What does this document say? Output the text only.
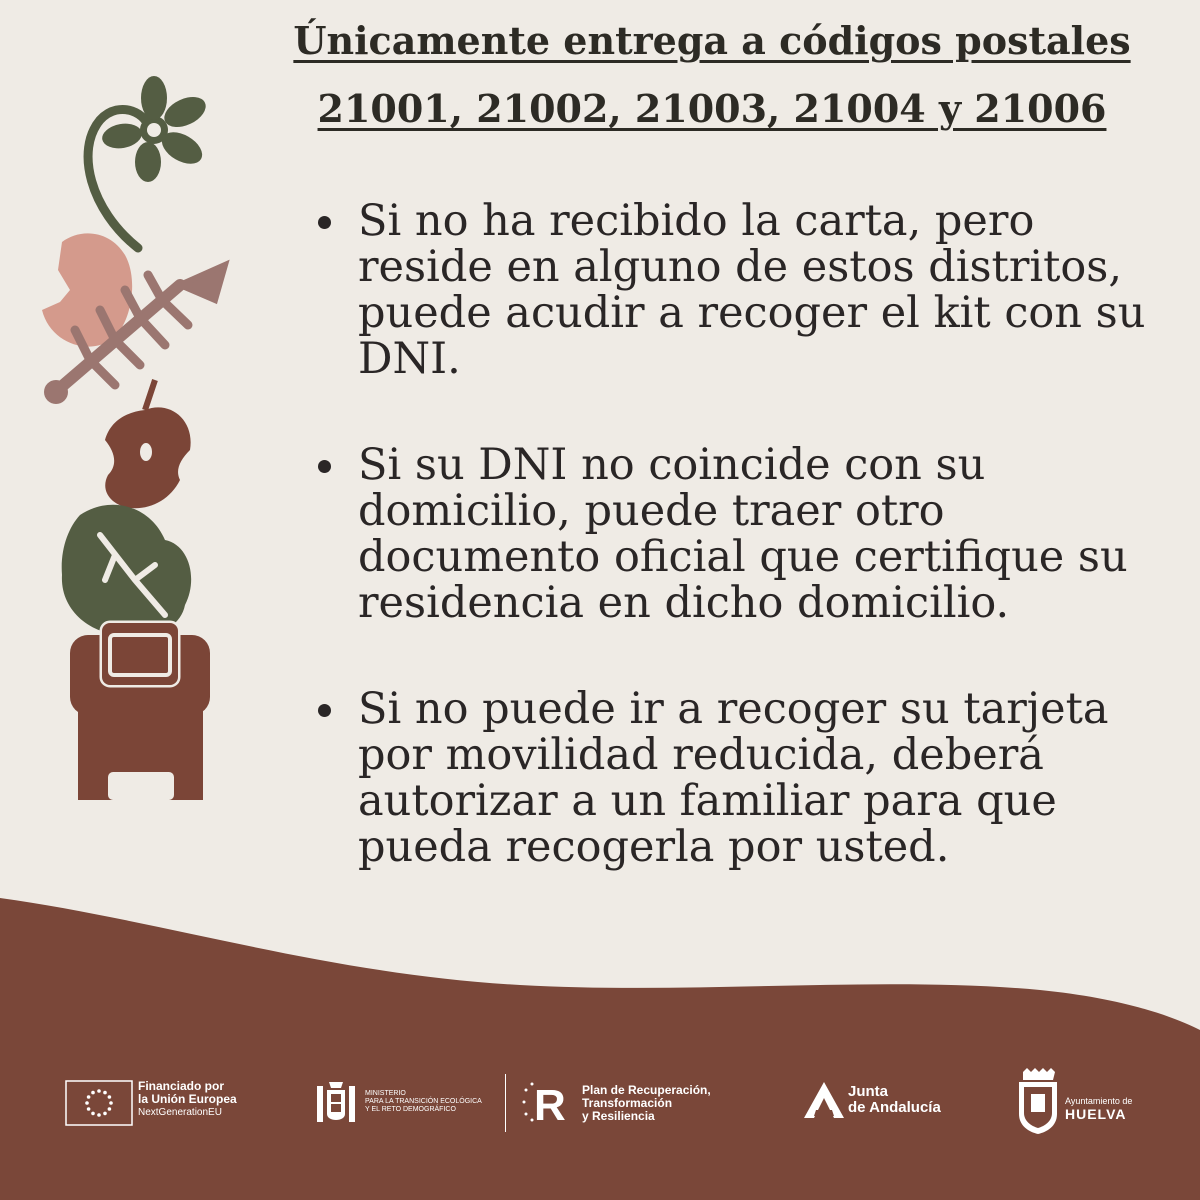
Únicamente entrega a códigos postales
21001, 21002, 21003, 21004 y 21006
Si no ha recibido la carta, pero reside en alguno de estos distritos, puede acudir a recoger el kit con su DNI.
Si su DNI no coincide con su domicilio, puede traer otro documento oficial que certifique su residencia en dicho domicilio.
Si no puede ir a recoger su tarjeta por movilidad reducida, deberá autorizar a un familiar para que pueda recogerla por usted.
Financiado por
la Unión Europea
NextGenerationEU
MINISTERIO
PARA LA TRANSICIÓN ECOLÓGICA
Y EL RETO DEMOGRÁFICO	R Plan de Recuperación,
Transformación
y Resiliencia
Junta
de Andalucía	Ayuntamiento de
HUELVA
